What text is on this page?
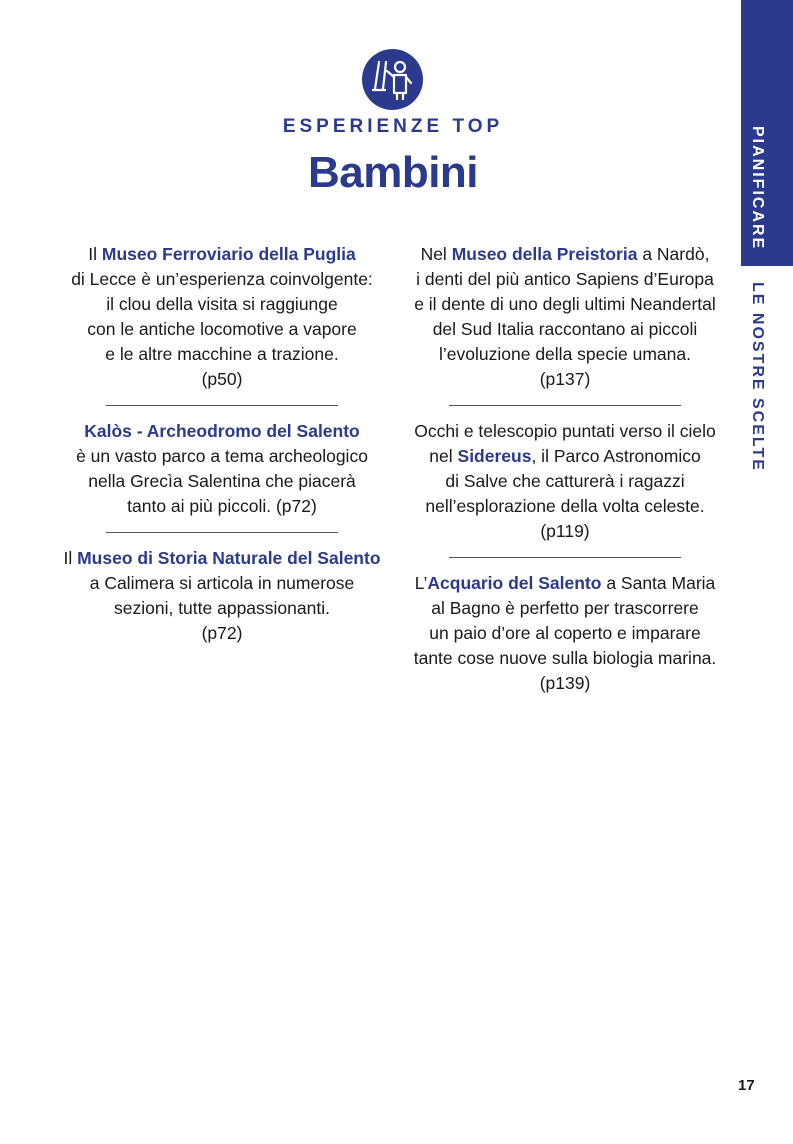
PIANIFICARE
LE NOSTRE SCELTE
ESPERIENZE TOP
Bambini
Il Museo Ferroviario della Puglia
di Lecce è un’esperienza coinvolgente:
il clou della visita si raggiunge
con le antiche locomotive a vapore
e le altre macchine a trazione.
(p50)
Kalòs - Archeodromo del Salento
è un vasto parco a tema archeologico
nella Grecìa Salentina che piacerà
tanto ai più piccoli. (p72)
Il Museo di Storia Naturale del Salento
a Calimera si articola in numerose
sezioni, tutte appassionanti.
(p72)
Nel Museo della Preistoria a Nardò,
i denti del più antico Sapiens d’Europa
e il dente di uno degli ultimi Neandertal
del Sud Italia raccontano ai piccoli
l’evoluzione della specie umana.
(p137)
Occhi e telescopio puntati verso il cielo
nel Sidereus, il Parco Astronomico
di Salve che catturerà i ragazzi
nell’esplorazione della volta celeste.
(p119)
L’Acquario del Salento a Santa Maria
al Bagno è perfetto per trascorrere
un paio d’ore al coperto e imparare
tante cose nuove sulla biologia marina.
(p139)
17
